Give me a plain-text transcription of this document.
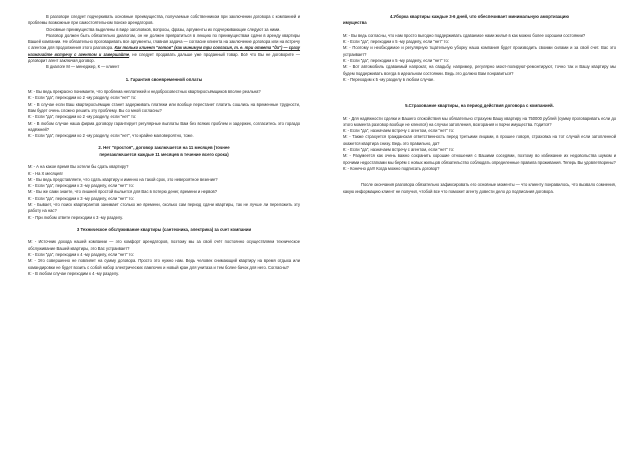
В разговоре следует подчеркивать основные преимущества, получаемые собственником при заключении договора с компанией и проблемы возможные при самостоятельном поиске арендаторов.

Основные преимущества выделены в виде заголовков, вопросы, фразы, аргументы их подчеркивающие следуют за ними.

Разговор должен быть обязательно диалогом, он не должен превратиться в лекцию по преимуществам сдачи в аренду квартиры Вашей компании. Не обязательно проговаривать все аргументы, главная задача — согласие клиента на заключение договора или на встречу с агентом для продолжения этого разговора. Как только клиент "готов" (как минимум три согласия, т. е. три ответа "да") — сразу назначайте встречу с агентом и завершайте, не следует продавать дальше уже проданный товар. Всё что Вы не договорите — договорит агент заключая договор.

В диалоге М — менеджер, К — клиент

1. Гарантия своевременной оплаты

М: - Вы ведь прекрасно понимаете, что проблема неплатежей и недобросовестных квартиросъёмщиков вполне реальна?

К: - Если "да", переходим ко 2 -му разделу, если "нет" то:

М: - В случае если Ваш квартиросъёмщик станет задерживать платежи или вообще перестанет платить сошлись на временные трудности, Вам будет очень сложно решить эту проблему. Вы со мной согласны?

К: - Если "да", переходим ко 2 -му разделу, если "нет" то:

М: - В любом случае наша фирма договору гарантирует регулярные выплаты Вам без всяких проблем и задержек, согласитесь это гораздо надёжней?

К: - Если "да", переходим ко 2 -му разделу, если "нет", что крайне маловероятно, тоже.

2. Нет "простоя", договор заключается на 11 месяцев (точнее
перезаключается каждые 11 месяцев в течение всего срока)

М: - А на какое время Вы хотели бы сдать квартиру?

К: - На Х месяцев!

М: - Вы ведь представляете, что сдать квартиру и именно на такой срок, это невероятное везение?

К: - Если "да", переходим к 3 -му разделу, если "нет" то:

М: - Вы же сами знаете, что лишней простой выльется для Вас в потерю денег, времени и нервов?

К: - Если "да", переходим к 3 -му разделу, если "нет" то:

М: - Бывает, что поиск квартирантов занимает столько же времени, сколько сам период сдачи квартиры, так не лучше ли переложить эту работу на нас?

К: - При любом ответе переходим к 3 -му разделу.

3 Техническое обслуживание квартиры (сантехника, электрика) за счет компании

М: - Источник дохода нашей компании — это комфорт арендаторов, поэтому мы за свой счёт постоянно осуществляем техническое обслуживание Вашей квартиры, это Вас устраивает?

К: - Если "да", переходим к 4 -му разделу, если "нет" то:

М: - Это совершенно не повлияет на сумму договора. Просто это нужно нам. Ведь человек снимающий квартиру на время отдыха или командировки не будет возить с собой набор электрических лампочек и новый кран для унитаза и тем более бачок для него. Согласны?

К: - В любом случае переходим к 4 -му разделу.

4.Уборка квартиры каждые 3-6 дней, что обеспечивает минимальную амортизацию
имущества

М: - Вы ведь согласны, что нам просто выгодно поддерживать сдаваемое нами жильё в как можно более хорошем состоянии?

К: - Если "да", переходим к 5 -му разделу, если "нет" то:

М: - Поэтому и необходимое и регулярную тщательную уборку наша компания будет производить своими силами и за свой счет. Вас это устраивает?

К: - Если "да", переходим к 5 -му разделу, если "нет" то:

М: - Вот автомобиль сдаваемый напрокат, на свадьбу, например, регулярно моют-полируют-ремонтируют, точно так и Вашу квартиру мы будем поддерживать всегда в идеальном состоянии. Ведь это должно Вам понравиться?

К: - Переходим к 5 -му разделу в любом случае.

5.Страхование квартиры, на период действия договора с компанией.

М: - Для надёжности сделки и Вашего спокойствия мы обязательно страхуем Вашу квартиру на 750000 рублей (сумму проговаривать если до этого момента разговор вообще не клеился) на случаи затопления, возгорания и порчи имущества. Годится?

К: - Если "да", назначаем встречу с агентом, если "нет" то:

М: - Также страхуется гражданская ответственность перед третьими лицами, в прошее говоря, страховка на тот случай если затопленной окажется квартира снизу. Ведь это правильно, да?

К: - Если "да", назначаем встречу с агентом, если "нет" то:

М: - Разумеется как очень важно сохранить хорошие отношения с Вашими соседями, поэтому во избежание их недовольства шумом и прочими недостатками мы берём с новых жильцов обязательство соблюдать определенные правила проживания. Теперь Вы удовлетворены?

К: - Конечно да!!! Когда можно подписать договор?

После окончания разговора обязательно зафиксировать его основные моменты — что клиенту понравилось, что вызвало сомнения, какую информацию клиент не получил, чтобой все что поможет агенту довести дело до подписания договора.
